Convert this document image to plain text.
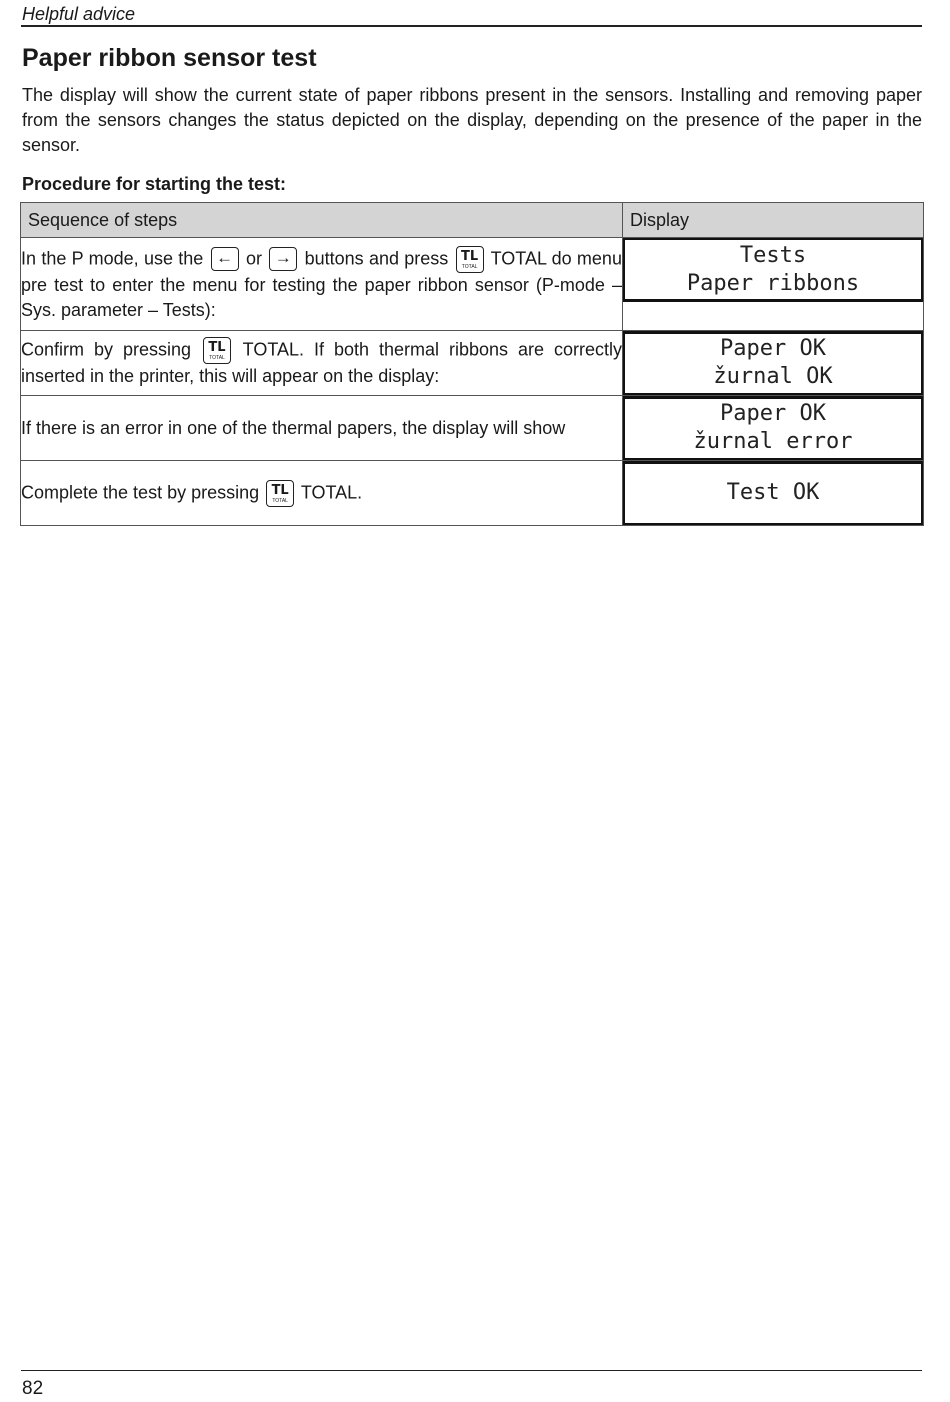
Helpful advice
Paper ribbon sensor test
The display will show the current state of paper ribbons present in the sensors. Installing and removing paper from the sensors changes the status depicted on the display, depending on the presence of the paper in the sensor.
Procedure for starting the test:
Sequence of steps	Display
In the P mode, use the ← or → buttons and press TL
TOTAL TOTAL do menu pre test to enter the menu for testing the paper ribbon sensor (P-mode – Sys. parameter – Tests):	Tests
Paper ribbons

Confirm by pressing TL
TOTAL TOTAL. If both thermal ribbons are correctly inserted in the printer, this will appear on the display:	Paper OK
žurnal OK

If there is an error in one of the thermal papers, the display will show	Paper OK
žurnal error

Complete the test by pressing TL
TOTAL TOTAL.	Test OK
82
